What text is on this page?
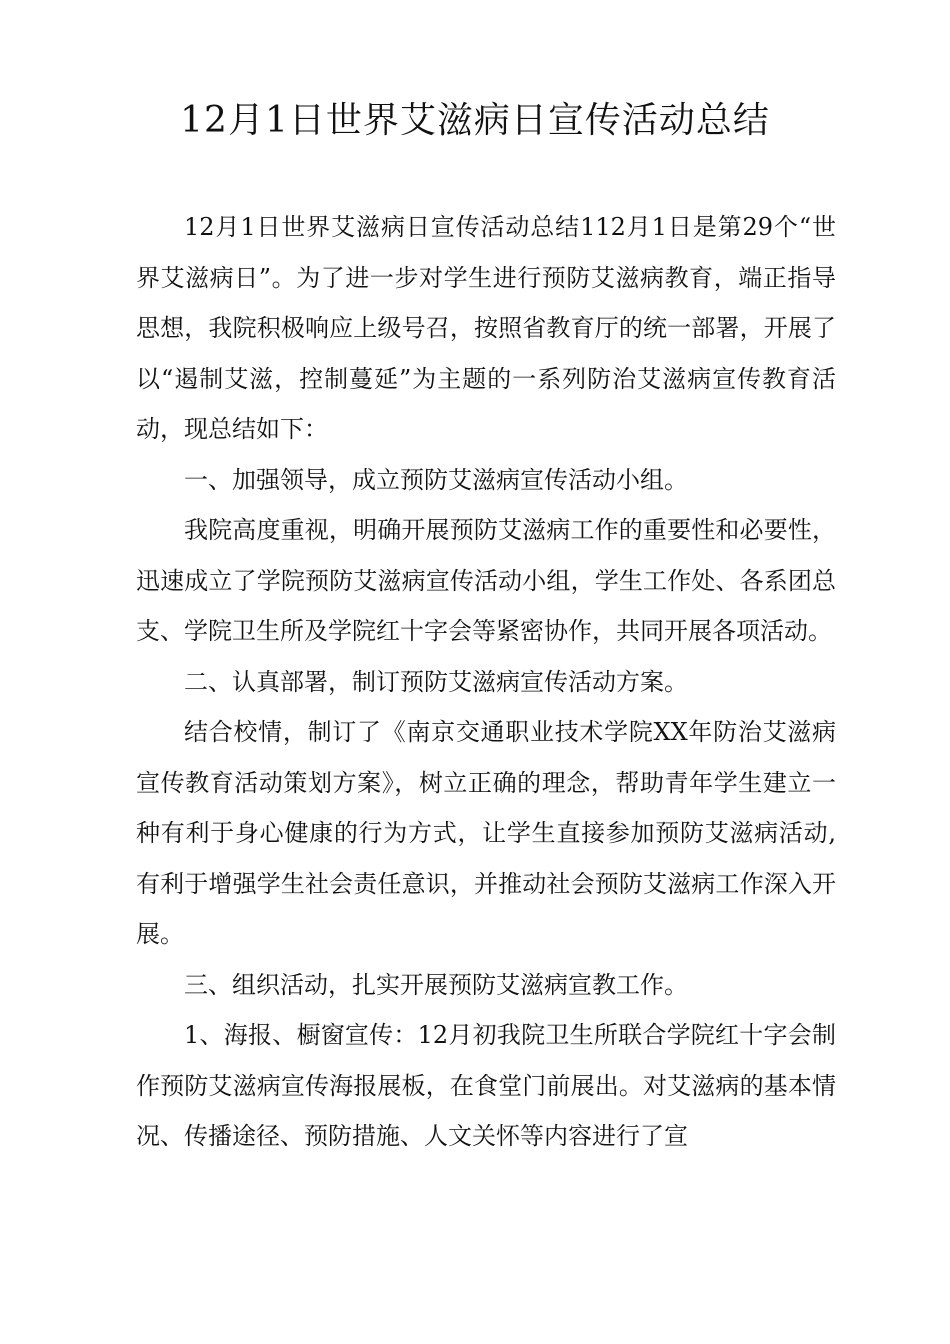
12月1日世界艾滋病日宣传活动总结

12月1日世界艾滋病日宣传活动总结112月1日是第29个“世界艾滋病日”。为了进一步对学生进行预防艾滋病教育，端正指导思想，我院积极响应上级号召，按照省教育厅的统一部署，开展了以“遏制艾滋，控制蔓延”为主题的一系列防治艾滋病宣传教育活动，现总结如下：

一、加强领导，成立预防艾滋病宣传活动小组。

我院高度重视，明确开展预防艾滋病工作的重要性和必要性，迅速成立了学院预防艾滋病宣传活动小组，学生工作处、各系团总支、学院卫生所及学院红十字会等紧密协作，共同开展各项活动。

二、认真部署，制订预防艾滋病宣传活动方案。

结合校情，制订了《南京交通职业技术学院XX年防治艾滋病宣传教育活动策划方案》，树立正确的理念，帮助青年学生建立一种有利于身心健康的行为方式，让学生直接参加预防艾滋病活动,有利于增强学生社会责任意识，并推动社会预防艾滋病工作深入开展。

三、组织活动，扎实开展预防艾滋病宣教工作。

1、海报、橱窗宣传：12月初我院卫生所联合学院红十字会制作预防艾滋病宣传海报展板，在食堂门前展出。对艾滋病的基本情况、传播途径、预防措施、人文关怀等内容进行了宣
